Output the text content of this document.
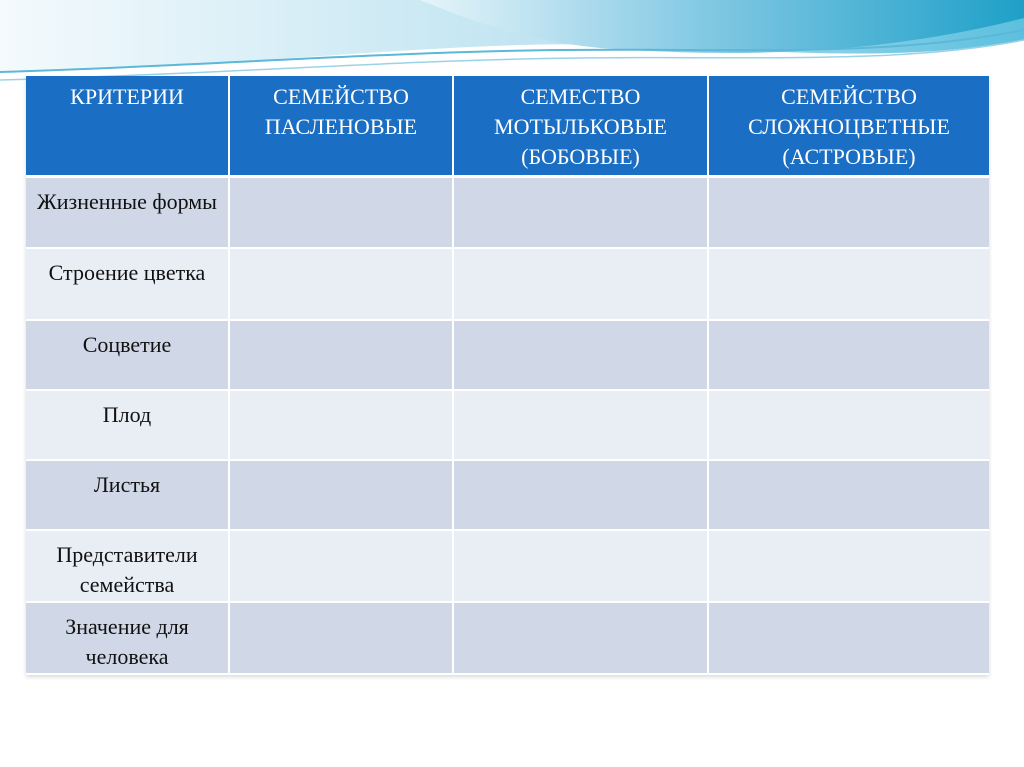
КРИТЕРИИ	СЕМЕЙСТВО ПАСЛЕНОВЫЕ	СЕМЕСТВО МОТЫЛЬКОВЫЕ (БОБОВЫЕ)	СЕМЕЙСТВО СЛОЖНОЦВЕТНЫЕ (АСТРОВЫЕ)
Жизненные формы			
Строение цветка			
Соцветие			
Плод			
Листья			
Представители семейства			
Значение для человека			
